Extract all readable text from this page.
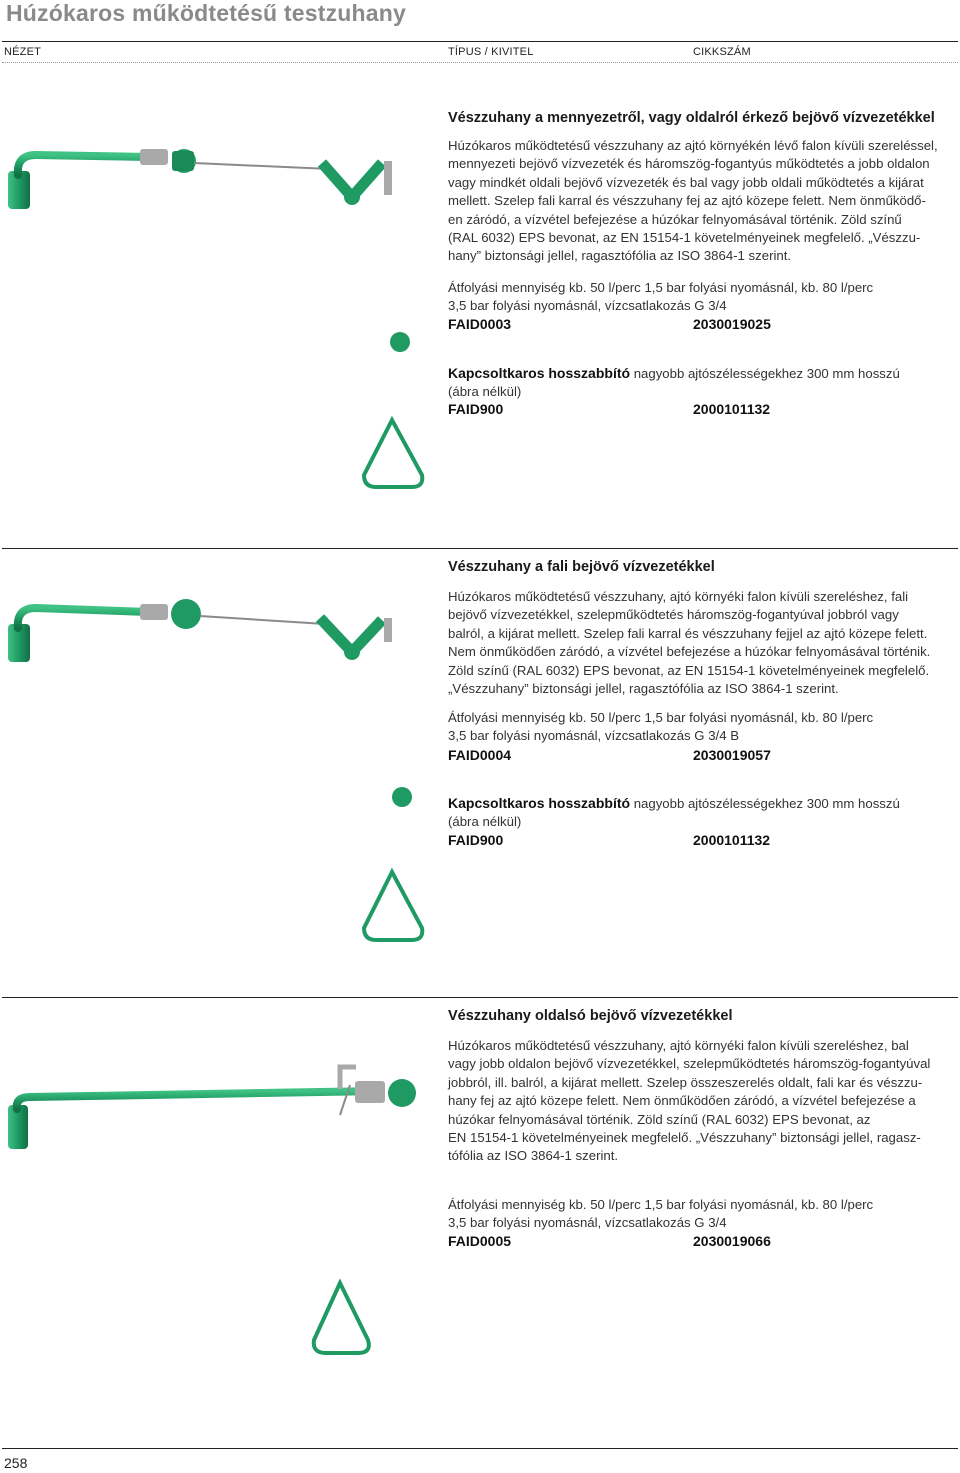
Húzókaros működtetésű testzuhany
NÉZET	TÍPUS / KIVITEL	CIKKSZÁM
Vészzuhany a mennyezetről, vagy oldalról érkező bejövő vízvezetékkel
Húzókaros működtetésű vészzuhany az ajtó környékén lévő falon kívüli szereléssel,
mennyezeti bejövő vízvezeték és háromszög-fogantyús működtetés a jobb oldalon
vagy mindkét oldali bejövő vízvezeték és bal vagy jobb oldali működtetés a kijárat
mellett. Szelep fali karral és vészzuhany fej az ajtó közepe felett. Nem önműködő-
en záródó, a vízvétel befejezése a húzókar felnyomásával történik. Zöld színű
(RAL 6032) EPS bevonat, az EN 15154-1 követelményeinek megfelelő. „Vészzu-
hany” biztonsági jellel, ragasztófólia az ISO 3864-1 szerint.
Átfolyási mennyiség kb. 50 l/perc 1,5 bar folyási nyomásnál, kb. 80 l/perc
3,5 bar folyási nyomásnál, vízcsatlakozás G 3/4
FAID0003	2030019025
Kapcsoltkaros hosszabbító nagyobb ajtószélességekhez 300 mm hosszú
(ábra nélkül)
FAID900	2000101132
Vészzuhany a fali bejövő vízvezetékkel
Húzókaros működtetésű vészzuhany, ajtó környéki falon kívüli szereléshez, fali
bejövő vízvezetékkel, szelepműködtetés háromszög-fogantyúval jobbról vagy
balról, a kijárat mellett. Szelep fali karral és vészzuhany fejjel az ajtó közepe felett.
Nem önműködően záródó, a vízvétel befejezése a húzókar felnyomásával történik.
Zöld színű (RAL 6032) EPS bevonat, az EN 15154-1 követelményeinek megfelelő.
„Vészzuhany” biztonsági jellel, ragasztófólia az ISO 3864-1 szerint.
Átfolyási mennyiség kb. 50 l/perc 1,5 bar folyási nyomásnál, kb. 80 l/perc
3,5 bar folyási nyomásnál, vízcsatlakozás G 3/4 B
FAID0004	2030019057
Kapcsoltkaros hosszabbító nagyobb ajtószélességekhez 300 mm hosszú
(ábra nélkül)
FAID900	2000101132
Vészzuhany oldalsó bejövő vízvezetékkel
Húzókaros működtetésű vészzuhany, ajtó környéki falon kívüli szereléshez, bal
vagy jobb oldalon bejövő vízvezetékkel, szelepműködtetés háromszög-fogantyúval
jobbról, ill. balról, a kijárat mellett. Szelep összeszerelés oldalt, fali kar és vészzu-
hany fej az ajtó közepe felett. Nem önműködően záródó, a vízvétel befejezése a
húzókar felnyomásával történik. Zöld színű (RAL 6032) EPS bevonat, az
EN 15154-1 követelményeinek megfelelő. „Vészzuhany” biztonsági jellel, ragasz-
tófólia az ISO 3864-1 szerint.
Átfolyási mennyiség kb. 50 l/perc 1,5 bar folyási nyomásnál, kb. 80 l/perc
3,5 bar folyási nyomásnál, vízcsatlakozás G 3/4
FAID0005	2030019066
258
